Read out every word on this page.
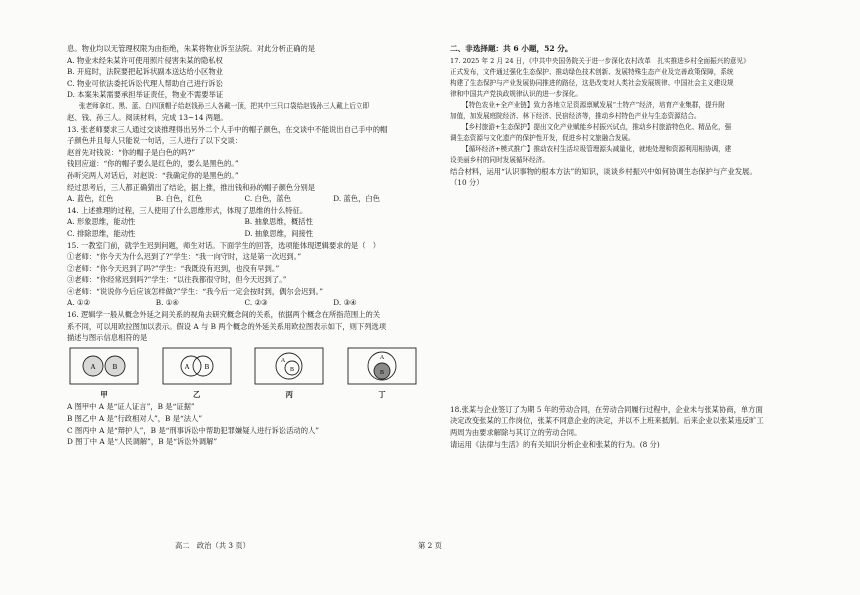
息。物业均以无管理权限为由拒绝，朱某将物业诉至法院。对此分析正确的是
A. 物业未经朱某许可使用照片侵害朱某的隐私权
B. 开庭时，法院要把起诉状副本送达给小区物业
C. 物业可依法委托诉讼代理人帮助自己进行诉讼
D. 本案朱某需要承担举证责任，物业不需要举证
张老师拿红、黑、蓝、白四顶帽子给赵钱孙三人各戴一顶，把其中三只口袋给赵钱孙三人戴上后立即
赵、钱、孙三人。阅读材料，完成 13~14 两题。
13. 张老师要求三人通过交谈推理得出另外二个人手中的帽子颜色，在交谈中不能说出自己手中的帽
子颜色并且每人只能说一句话，三人进行了以下交谈：
赵首先对钱说：“你的帽子是白色的吗?”
钱回应道：“你的帽子要么是红色的，要么是黑色的。”
孙听完两人对话后，对赵说：“我确定你的是黑色的。”
经过思考后，三人都正确猜出了结论，据上推，推出钱和孙的帽子颜色分别是
A. 蓝色，红色	B. 白色，红色	C. 白色，蓝色	D. 蓝色，白色
14. 上述推理的过程，三人使用了什么思维形式，体现了思维的什么特征。
A. 形象思维，能动性	B. 抽象思维，概括性
C. 排除思维，能动性	D. 抽象思维，间接性
15. 一教室门前，就学生迟到问题，师生对话。下面学生的回答，选项能体现逻辑要求的是（　）
①老师：“你今天为什么迟到了?”学生：“我一向守时，这是第一次迟到。”
②老师：“你今天迟到了吗?”学生：“我既没有迟到，也没有早到。”
③老师：“你经常迟到吗?”学生：“以往我都很守时，但今天迟到了。”
④老师：“说说你今后应该怎样做?”学生：“我今后一定会按时到，偶尔会迟到。”
A. ①②	B. ①④	C. ②③	D. ③④
16. 逻辑学一般从概念外延之间关系的视角去研究概念间的关系，依据两个概念在所指范围上的关
系不同，可以用欧拉图加以表示。假设 A 与 B 两个概念的外延关系用欧拉图表示如下，则下列选项
描述与图示信息相符的是
A B
甲
A B
乙
A
B
丙
A
B
丁
A 图甲中 A 是“证人证言”，B 是“证据”
B 图乙中 A 是“行政相对人”，B 是“法人”
C 图丙中 A 是“辩护人”，B 是“刑事诉讼中帮助犯罪嫌疑人进行诉讼活动的人”
D 图丁中 A 是“人民调解”，B 是“诉讼外调解”
二、非选择题：共 6 小题，52 分。
17. 2025 年 2 月 24 日，《中共中央国务院关于进一步深化农村改革　扎实推进乡村全面振兴的意见》
正式发布，文件通过强化生态保护、推动绿色技术创新、发展特殊生态产业及完善政策保障，系统
构建了生态保护与产业发展协同推进的路径，这是改变对人类社会发展规律、中国社会主义建设规
律和中国共产党执政规律认识的进一步深化。
【特色农业+全产业链】致力各地立足资源禀赋发展“土特产”经济，培育产业集群，提升附
加值，加发展庭院经济、林下经济、民宿经济等，推动乡村特色产业与生态资源结合。
【乡村旅游+生态保护】提出文化产业赋能乡村振兴试点，推动乡村旅游特色化、精品化，强
调生态资源与文化遗产的保护性开发，促进乡村文旅融合发展。
【循环经济+模式推广】推动农村生活垃圾管理源头减量化，就地处理和资源利用相协调，建
设美丽乡村的同时发展循环经济。
结合材料，运用“认识事物的根本方法”的知识，谈谈乡村振兴中如何协调生态保护与产业发展。
（10 分）
18.张某与企业签订了为期 5 年的劳动合同，在劳动合同履行过程中，企业未与张某协商，单方面
决定改变张某的工作岗位，张某不同意企业的决定，并以不上班来抵制。后来企业以张某违反旷工
两周为由要求解除与其订立的劳动合同。
请运用《法律与生活》的有关知识分析企业和张某的行为。(8 分)
高二　政治（共 3 页）	第 2 页
